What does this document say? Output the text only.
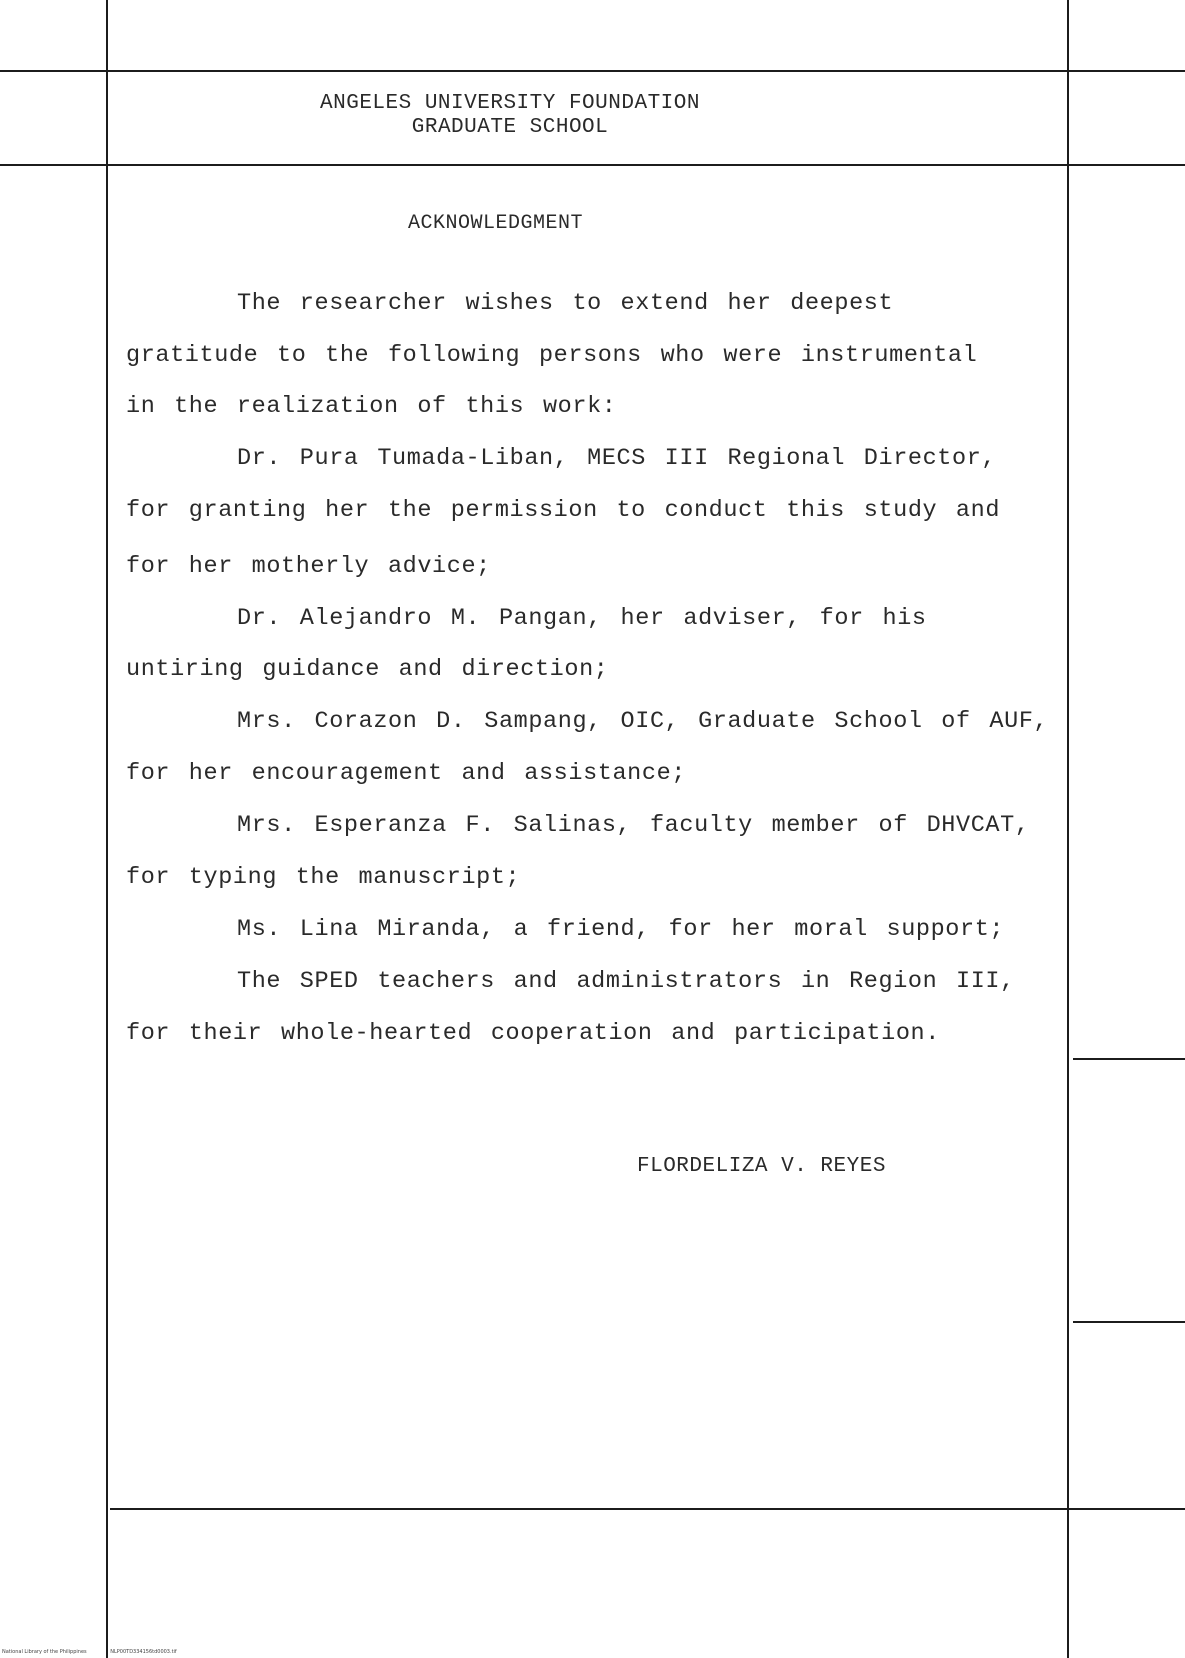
ANGELES UNIVERSITY FOUNDATION
GRADUATE SCHOOL
ACKNOWLEDGMENT
The researcher wishes to extend her deepest
gratitude to the following persons who were instrumental
in the realization of this work:
Dr. Pura Tumada-Liban, MECS III Regional Director,
for granting her the permission to conduct this study and
for her motherly advice;
Dr. Alejandro M. Pangan, her adviser, for his
untiring guidance and direction;
Mrs. Corazon D. Sampang, OIC, Graduate School of AUF,
for her encouragement and assistance;
Mrs. Esperanza F. Salinas, faculty member of DHVCAT,
for typing the manuscript;
Ms. Lina Miranda, a friend, for her moral support;
The SPED teachers and administrators in Region III,
for their whole-hearted cooperation and participation.
FLORDELIZA V. REYES
National Library of the Philippines	NLP00TD334156td0003.tif
